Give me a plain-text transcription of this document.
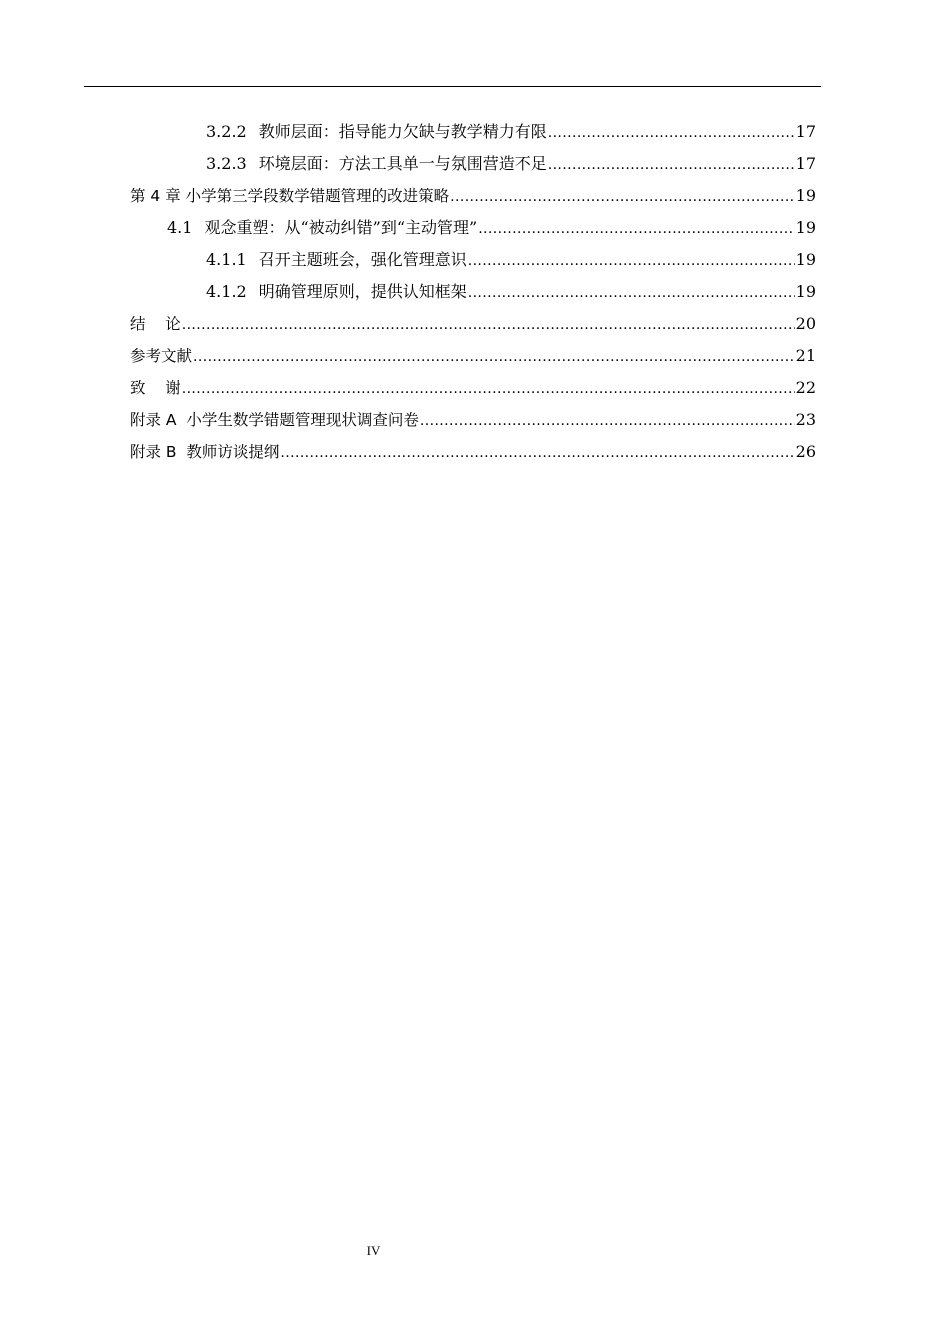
3.2.2 教师层面：指导能力欠缺与教学精力有限 .....	17
3.2.3 环境层面：方法工具单一与氛围营造不足 .....	17
第 4 章 小学第三学段数学错题管理的改进策略 .....	19
4.1 观念重塑：从“被动纠错”到“主动管理” .....	19
4.1.1 召开主题班会，强化管理意识 .....	19
4.1.2 明确管理原则，提供认知框架 .....	19
结    论 .....	20
参考文献 .....	21
致    谢 .....	22
附录 A  小学生数学错题管理现状调查问卷 .....	23
附录 B  教师访谈提纲 .....	26
IV
